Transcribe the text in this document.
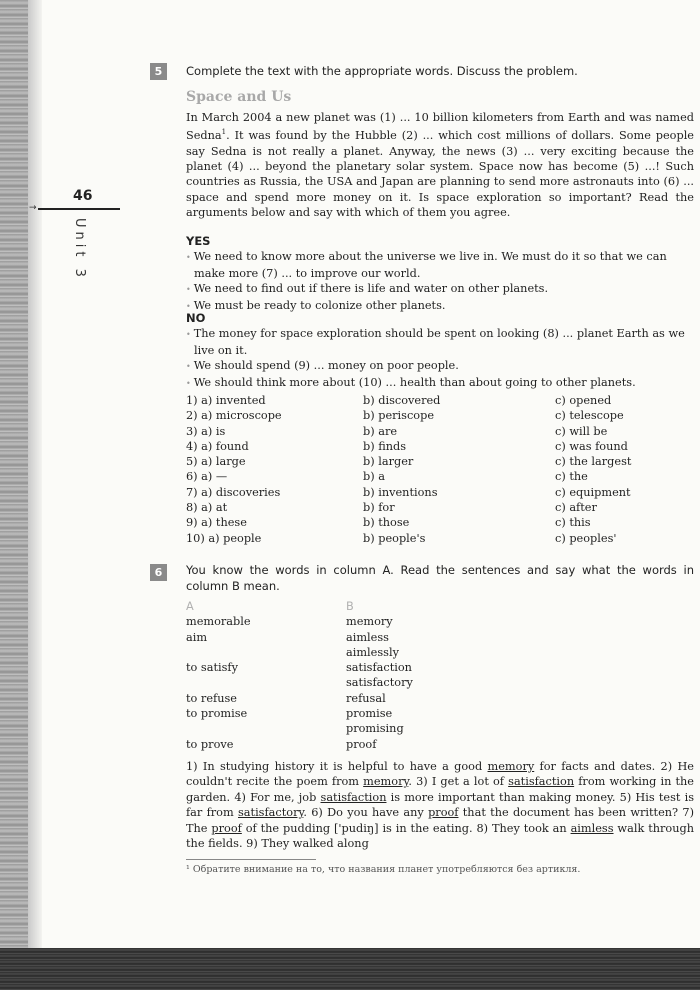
46
→
Unit 3
5	Complete the text with the appropriate words. Discuss the problem.
Space and Us
In March 2004 a new planet was (1) ... 10 billion kilometers from Earth and was named Sedna$^1$. It was found by the Hubble (2) ... which cost millions of dollars. Some people say Sedna is not really a planet. Anyway, the news (3) ... very exciting because the planet (4) ... beyond the planetary solar system. Space now has become (5) ...! Such countries as Russia, the USA and Japan are planning to send more astronauts into (6) ... space and spend more money on it. Is space exploration so important? Read the arguments below and say with which of them you agree.
YES
• We need to know more about the universe we live in. We must do it so that we can make more (7) ... to improve our world.
• We need to find out if there is life and water on other planets.
• We must be ready to colonize other planets.
NO
• The money for space exploration should be spent on looking (8) ... planet Earth as we live on it.
• We should spend (9) ... money on poor people.
• We should think more about (10) ... health than about going to other planets.
1) a) invented	b) discovered	c) opened
2) a) microscope	b) periscope	c) telescope
3) a) is	b) are	c) will be
4) a) found	b) finds	c) was found
5) a) large	b) larger	c) the largest
6) a) —	b) a	c) the
7) a) discoveries	b) inventions	c) equipment
8) a) at	b) for	c) after
9) a) these	b) those	c) this
10) a) people	b) people's	c) peoples'
6	You know the words in column A. Read the sentences and say what the words in column B mean.
A	B
memorable	memory
aim	aimless
aimlessly
to satisfy	satisfaction
satisfactory
to refuse	refusal
to promise	promise
promising
to prove	proof
1) In studying history it is helpful to have a good memory for facts and dates. 2) He couldn't recite the poem from memory. 3) I get a lot of satisfaction from working in the garden. 4) For me, job satisfaction is more important than making money. 5) His test is far from satisfactory. 6) Do you have any proof that the document has been written? 7) The proof of the pudding ['pudiŋ] is in the eating. 8) They took an aimless walk through the fields. 9) They walked along
¹ Обратите внимание на то, что названия планет употребляются без артикля.
